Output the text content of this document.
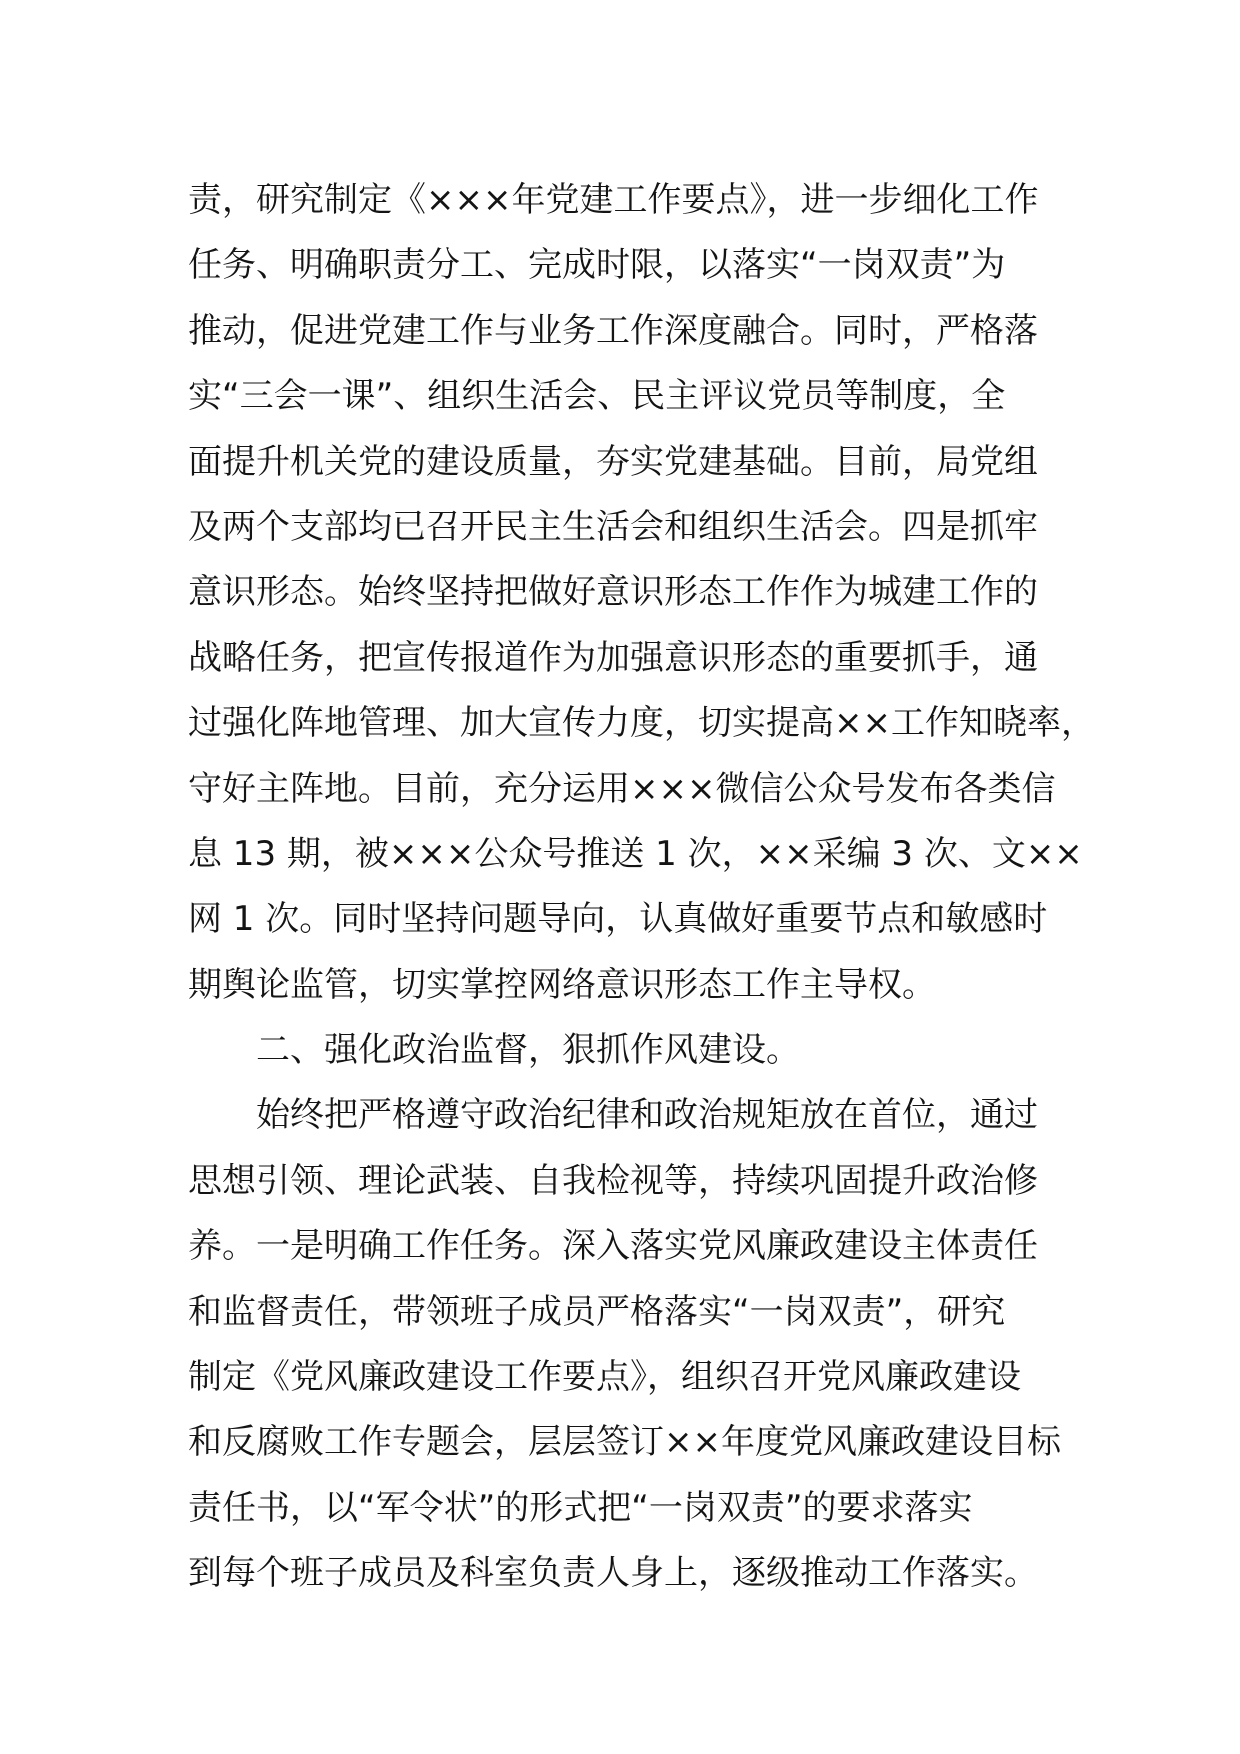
责，研究制定《×××年党建工作要点》，进一步细化工作
任务、明确职责分工、完成时限，以落实“一岗双责”为
推动，促进党建工作与业务工作深度融合。同时，严格落
实“三会一课”、组织生活会、民主评议党员等制度，全
面提升机关党的建设质量，夯实党建基础。目前，局党组
及两个支部均已召开民主生活会和组织生活会。四是抓牢
意识形态。始终坚持把做好意识形态工作作为城建工作的
战略任务，把宣传报道作为加强意识形态的重要抓手，通
过强化阵地管理、加大宣传力度，切实提高××工作知晓率，
守好主阵地。目前，充分运用×××微信公众号发布各类信
息 13 期，被×××公众号推送 1 次，××采编 3 次、文××
网 1 次。同时坚持问题导向，认真做好重要节点和敏感时
期舆论监管，切实掌控网络意识形态工作主导权。
二、强化政治监督，狠抓作风建设。
始终把严格遵守政治纪律和政治规矩放在首位，通过
思想引领、理论武装、自我检视等，持续巩固提升政治修
养。一是明确工作任务。深入落实党风廉政建设主体责任
和监督责任，带领班子成员严格落实“一岗双责”，研究
制定《党风廉政建设工作要点》，组织召开党风廉政建设
和反腐败工作专题会，层层签订××年度党风廉政建设目标
责任书，以“军令状”的形式把“一岗双责”的要求落实
到每个班子成员及科室负责人身上，逐级推动工作落实。
